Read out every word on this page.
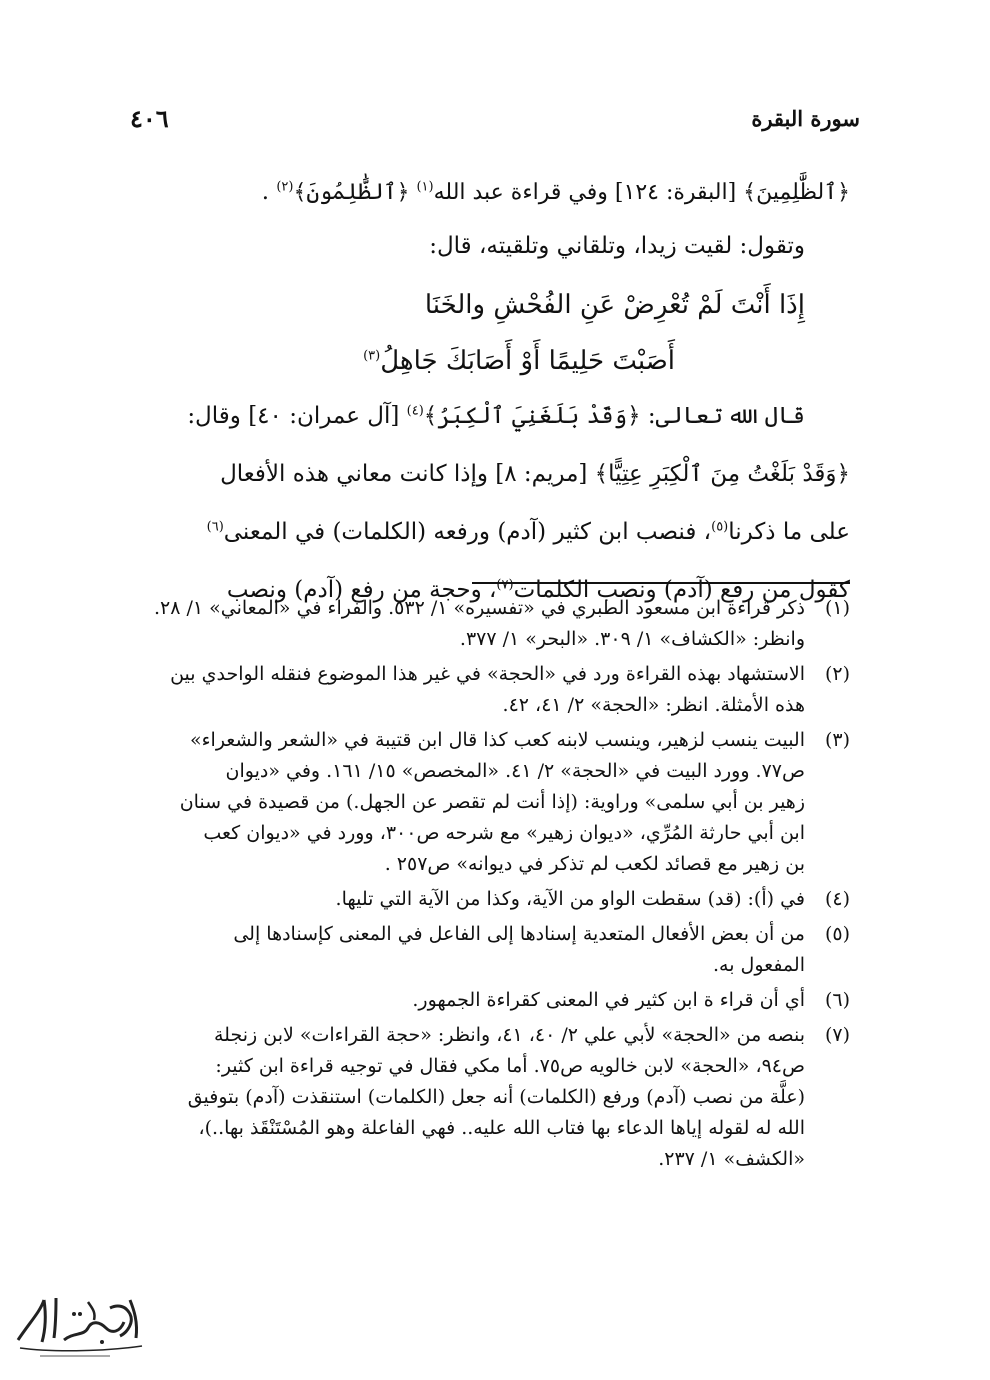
سورة البقرة
٤٠٦
﴿ٱلظَّٰلِمِينَ﴾ [البقرة: ١٢٤] وفي قراءة عبد الله$^{(١)}$ ﴿ٱلظَّٰلِمُونَ﴾$^{(٢)}$ .
وتقول: لقيت زيدا، وتلقاني وتلقيته، قال:
إِذَا أَنْتَ لَمْ تُعْرِضْ عَنِ الفُحْشِ والخَنَا
أَصَبْتَ حَلِيمًا أَوْ أَصَابَكَ جَاهِلُ$^{(٣)}$
قال الله تعالى: ﴿وَقَدْ بَلَغَنِيَ ٱلْكِبَرُ﴾$^{(٤)}$ [آل عمران: ٤٠] وقال:
﴿وَقَدْ بَلَغْتُ مِنَ ٱلْكِبَرِ عِتِيًّا﴾ [مريم: ٨] وإذا كانت معاني هذه الأفعال
على ما ذكرنا$^{(٥)}$، فنصب ابن كثير (آدم) ورفعه (الكلمات) في المعنى$^{(٦)}$
كقول من رفع (آدم) ونصب الكلمات$^{(٧)}$، وحجة من رفع (آدم) ونصب
(١)
ذكر قراءة ابن مسعود الطبري في «تفسيره» ١/ ٥٣٢. والفراء في «المعاني» ١/ ٢٨.
وانظر: «الكشاف» ١/ ٣٠٩. «البحر» ١/ ٣٧٧.
(٢)
الاستشهاد بهذه القراءة ورد في «الحجة» في غير هذا الموضوع فنقله الواحدي بين
هذه الأمثلة. انظر: «الحجة» ٢/ ٤١، ٤٢.
(٣)
البيت ينسب لزهير، وينسب لابنه كعب كذا قال ابن قتيبة في «الشعر والشعراء»
ص٧٧. وورد البيت في «الحجة» ٢/ ٤١. «المخصص» ١٥/ ١٦١. وفي «ديوان
زهير بن أبي سلمى» وراوية: (إذا أنت لم تقصر عن الجهل.) من قصيدة في سنان
ابن أبي حارثة المُرِّي، «ديوان زهير» مع شرحه ص٣٠٠، وورد في «ديوان كعب
بن زهير مع قصائد لكعب لم تذكر في ديوانه» ص٢٥٧ .
(٤)
في (أ): (قد) سقطت الواو من الآية، وكذا من الآية التي تليها.
(٥)
من أن بعض الأفعال المتعدية إسنادها إلى الفاعل في المعنى كإسنادها إلى
المفعول به.
(٦)
أي أن قراء ة ابن كثير في المعنى كقراءة الجمهور.
(٧)
بنصه من «الحجة» لأبي علي ٢/ ٤٠، ٤١، وانظر: «حجة القراءات» لابن زنجلة
ص٩٤، «الحجة» لابن خالويه ص٧٥. أما مكي فقال في توجيه قراءة ابن كثير:
(علَّة من نصب (آدم) ورفع (الكلمات) أنه جعل (الكلمات) استنقذت (آدم) بتوفيق
الله له لقوله إياها الدعاء بها فتاب الله عليه.. فهي الفاعلة وهو المُسْتَنْقَذ بها..)،
«الكشف» ١/ ٢٣٧.
